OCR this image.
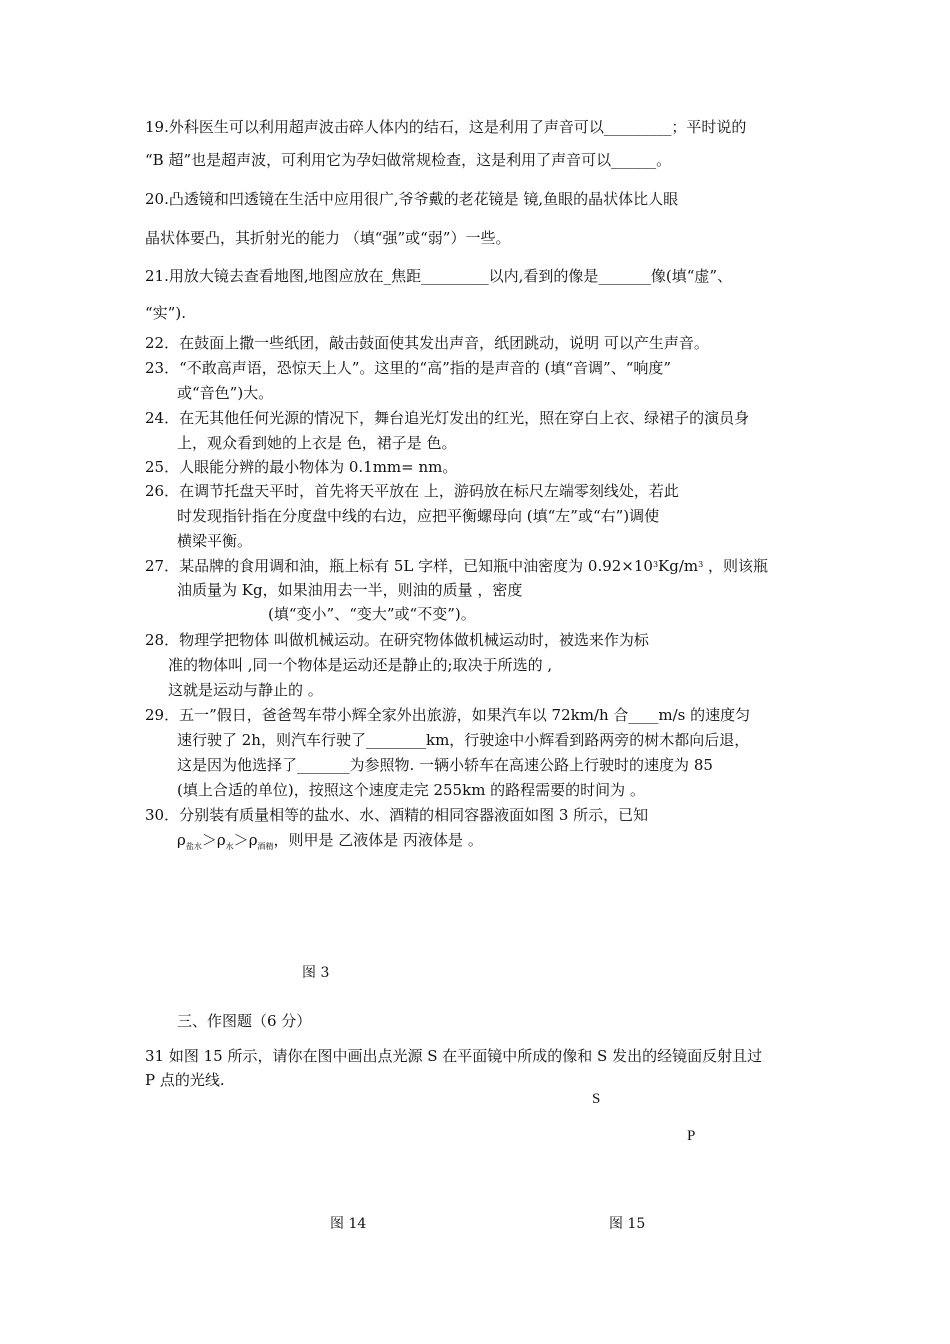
19.外科医生可以利用超声波击碎人体内的结石，这是利用了声音可以_________；平时说的
“B 超”也是超声波，可利用它为孕妇做常规检查，这是利用了声音可以______。
20.凸透镜和凹透镜在生活中应用很广,爷爷戴的老花镜是 镜,鱼眼的晶状体比人眼
晶状体要凸，其折射光的能力 （填“强”或“弱”）一些。
21.用放大镜去查看地图,地图应放在_焦距_________以内,看到的像是_______像(填“虚”、
“实”).
22．在鼓面上撒一些纸团，敲击鼓面使其发出声音，纸团跳动，说明 可以产生声音。
23．“不敢高声语，恐惊天上人”。这里的“高”指的是声音的 (填“音调”、“响度”
或“音色”)大。
24．在无其他任何光源的情况下，舞台追光灯发出的红光，照在穿白上衣、绿裙子的演员身
上，观众看到她的上衣是 色，裙子是 色。
25．人眼能分辨的最小物体为 0.1mm= nm。
26．在调节托盘天平时，首先将天平放在 上，游码放在标尺左端零刻线处，若此
时发现指针指在分度盘中线的右边，应把平衡螺母向 (填“左”或“右”)调使
横梁平衡。
27．某品牌的食用调和油，瓶上标有 5L 字样，已知瓶中油密度为 $0.92\times 10^3Kg/m^3$ ，则该瓶
油质量为 Kg，如果油用去一半，则油的质量 ，密度
(填“变小”、“变大”或“不变”)。
28．物理学把物体 叫做机械运动。在研究物体做机械运动时，被选来作为标
准的物体叫 ,同一个物体是运动还是静止的;取决于所选的 ,
这就是运动与静止的 。
29．五一”假日，爸爸驾车带小辉全家外出旅游，如果汽车以 72km/h 合____m/s 的速度匀
速行驶了 2h，则汽车行驶了________km，行驶途中小辉看到路两旁的树木都向后退，
这是因为他选择了_______为参照物. 一辆小轿车在高速公路上行驶时的速度为 85
(填上合适的单位)，按照这个速度走完 255km 的路程需要的时间为 。
30．分别装有质量相等的盐水、水、酒精的相同容器液面如图 3 所示，已知
$\rho_{盐水}>\rho_水>\rho_{酒精}$，则甲是 乙液体是 丙液体是 。
图 3
三、作图题（6 分）
31 如图 15 所示，请你在图中画出点光源 S 在平面镜中所成的像和 S 发出的经镜面反射且过
P 点的光线.
S
P
图 14	图 15
